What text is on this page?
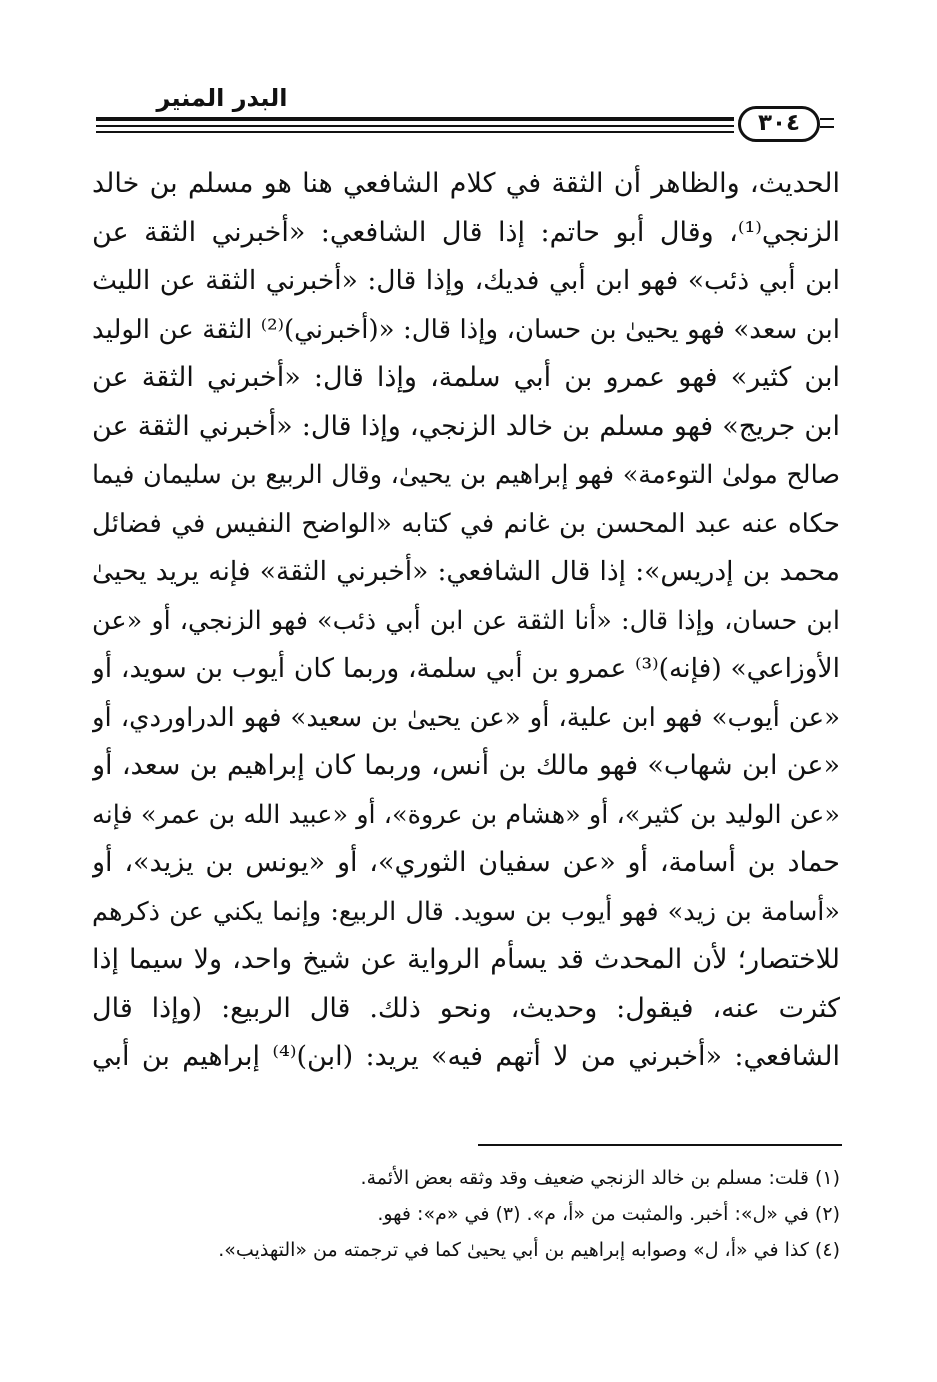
البدر المنير
٣٠٤
الحديث، والظاهر أن الثقة في كلام الشافعي هنا هو مسلم بن خالد
الزنجي⁽¹⁾، وقال أبو حاتم: إذا قال الشافعي: «أخبرني الثقة عن
ابن أبي ذئب» فهو ابن أبي فديك، وإذا قال: «أخبرني الثقة عن الليث
ابن سعد» فهو يحيىٰ بن حسان، وإذا قال: «(أخبرني)⁽²⁾ الثقة عن الوليد
ابن كثير» فهو عمرو بن أبي سلمة، وإذا قال: «أخبرني الثقة عن
ابن جريج» فهو مسلم بن خالد الزنجي، وإذا قال: «أخبرني الثقة عن
صالح مولىٰ التوءمة» فهو إبراهيم بن يحيىٰ، وقال الربيع بن سليمان فيما
حكاه عنه عبد المحسن بن غانم في كتابه «الواضح النفيس في فضائل
محمد بن إدريس»: إذا قال الشافعي: «أخبرني الثقة» فإنه يريد يحيىٰ
ابن حسان، وإذا قال: «أنا الثقة عن ابن أبي ذئب» فهو الزنجي، أو «عن
الأوزاعي» (فإنه)⁽³⁾ عمرو بن أبي سلمة، وربما كان أيوب بن سويد، أو
«عن أيوب» فهو ابن علية، أو «عن يحيىٰ بن سعيد» فهو الدراوردي، أو
«عن ابن شهاب» فهو مالك بن أنس، وربما كان إبراهيم بن سعد، أو
«عن الوليد بن كثير»، أو «هشام بن عروة»، أو «عبيد الله بن عمر» فإنه
حماد بن أسامة، أو «عن سفيان الثوري»، أو «يونس بن يزيد»، أو
«أسامة بن زيد» فهو أيوب بن سويد. قال الربيع: وإنما يكني عن ذكرهم
للاختصار؛ لأن المحدث قد يسأم الرواية عن شيخ واحد، ولا سيما إذا
كثرت عنه، فيقول: وحديث، ونحو ذلك. قال الربيع: (وإذا قال
الشافعي: «أخبرني من لا أتهم فيه» يريد: (ابن)⁽⁴⁾ إبراهيم بن أبي
(١) قلت: مسلم بن خالد الزنجي ضعيف وقد وثقه بعض الأئمة.
(٢) في «ل»: أخبر. والمثبت من «أ، م». (٣) في «م»: فهو.
(٤) كذا في «أ، ل» وصوابه إبراهيم بن أبي يحيىٰ كما في ترجمته من «التهذيب».
